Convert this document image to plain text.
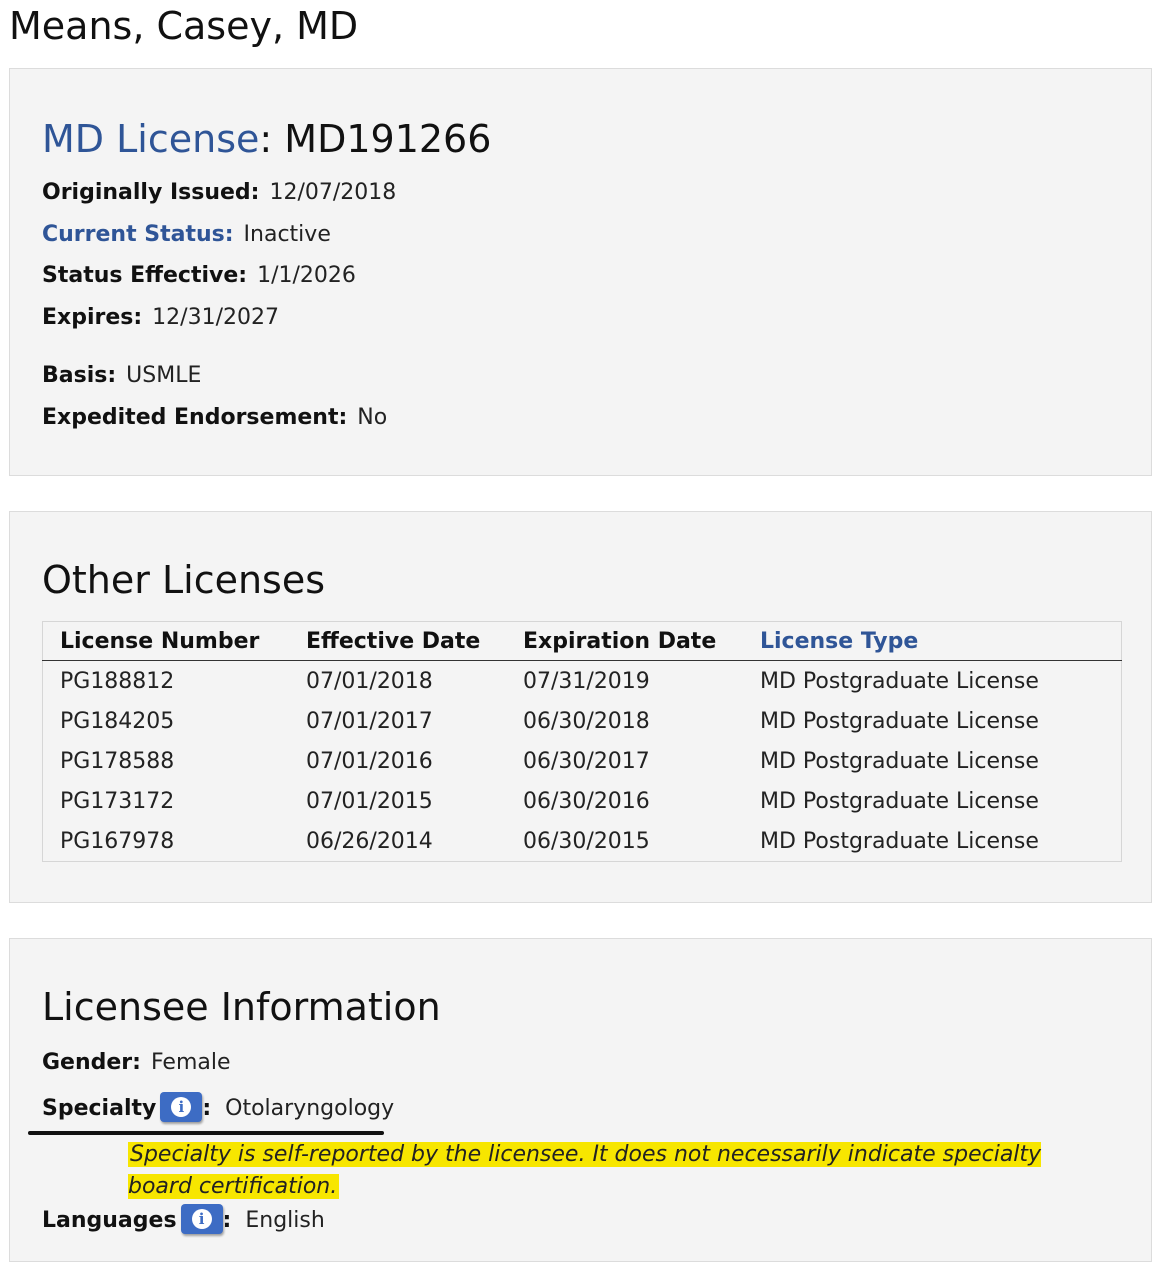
Means, Casey, MD
MD License: MD191266
Originally Issued: 12/07/2018
Current Status: Inactive
Status Effective: 1/1/2026
Expires: 12/31/2027
Basis: USMLE
Expedited Endorsement: No
Other Licenses
License Number	Effective Date	Expiration Date	License Type
PG188812	07/01/2018	07/31/2019	MD Postgraduate License
PG184205	07/01/2017	06/30/2018	MD Postgraduate License
PG178588	07/01/2016	06/30/2017	MD Postgraduate License
PG173172	07/01/2015	06/30/2016	MD Postgraduate License
PG167978	06/26/2014	06/30/2015	MD Postgraduate License
Licensee Information
Gender: Female
Specialty	i : Otolaryngology
Specialty is self-reported by the licensee. It does not necessarily indicate specialty board certification.
Languages	i : English
